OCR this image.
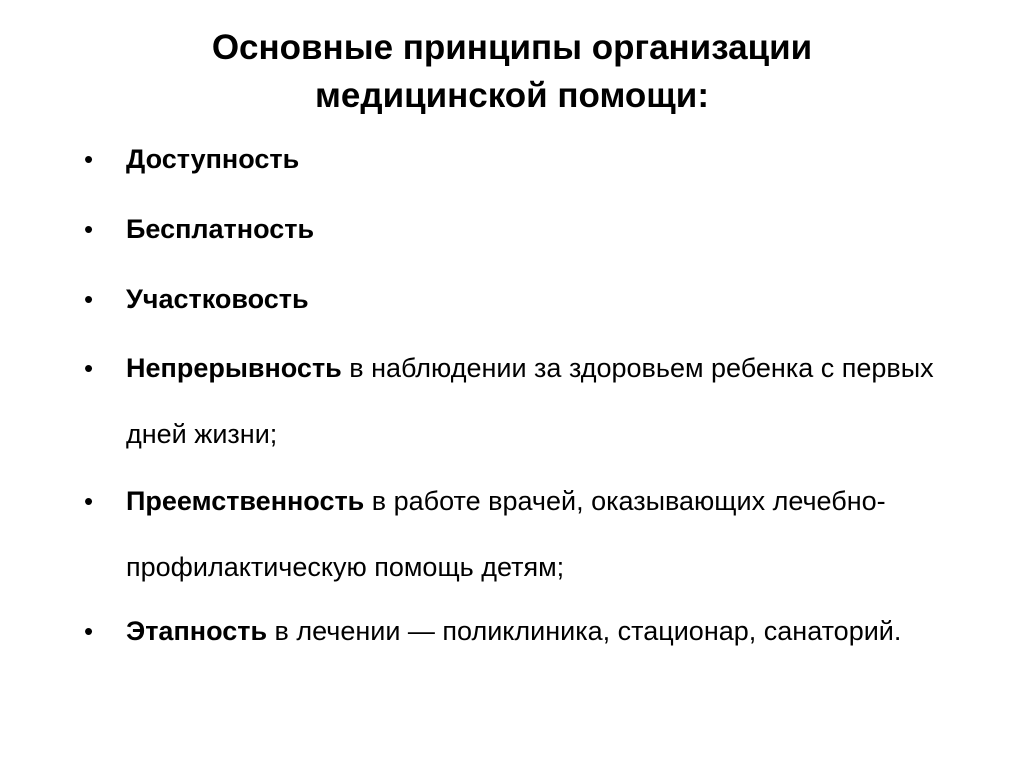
Основные принципы организации
медицинской помощи:
• Доступность
• Бесплатность
• Участковость
• Непрерывность в наблюдении за здоровьем ребенка с первых дней жизни;
• Преемственность в работе врачей, оказывающих лечебно-профилактическую помощь детям;
• Этапность в лечении — поликлиника, стационар, санаторий.
